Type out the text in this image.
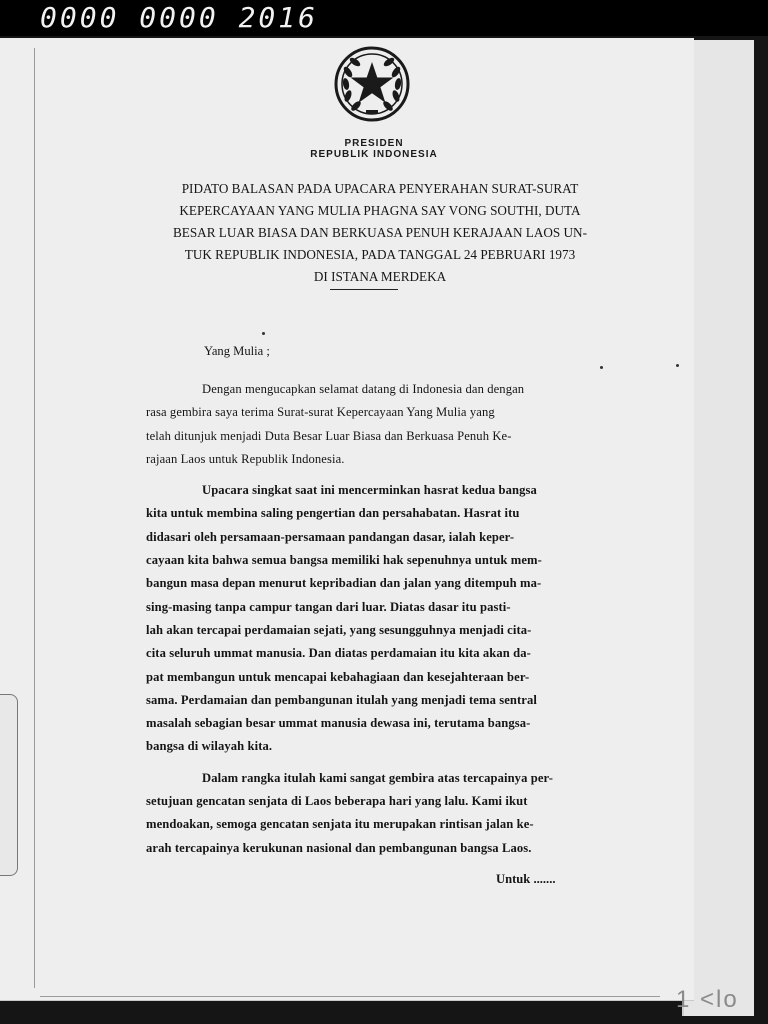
0000 0000 2016
PRESIDEN
REPUBLIK INDONESIA
PIDATO BALASAN PADA UPACARA PENYERAHAN SURAT-SURAT
KEPERCAYAAN YANG MULIA PHAGNA SAY VONG SOUTHI, DUTA
BESAR LUAR BIASA DAN BERKUASA PENUH KERAJAAN LAOS UN-
TUK REPUBLIK INDONESIA, PADA TANGGAL 24 PEBRUARI 1973
DI ISTANA MERDEKA
Yang Mulia ;
Dengan mengucapkan selamat datang di Indonesia dan dengan
rasa gembira saya terima Surat-surat Kepercayaan Yang Mulia yang
telah ditunjuk menjadi Duta Besar Luar Biasa dan Berkuasa Penuh Ke-
rajaan Laos untuk Republik Indonesia.
Upacara singkat saat ini mencerminkan hasrat kedua bangsa
kita untuk membina saling pengertian dan persahabatan. Hasrat itu
didasari oleh persamaan-persamaan pandangan dasar, ialah keper-
cayaan kita bahwa semua bangsa memiliki hak sepenuhnya untuk mem-
bangun masa depan menurut kepribadian dan jalan yang ditempuh ma-
sing-masing tanpa campur tangan dari luar. Diatas dasar itu pasti-
lah akan tercapai perdamaian sejati, yang sesungguhnya menjadi cita-
cita seluruh ummat manusia. Dan diatas perdamaian itu kita akan da-
pat membangun untuk mencapai kebahagiaan dan kesejahteraan ber-
sama. Perdamaian dan pembangunan itulah yang menjadi tema sentral
masalah sebagian besar ummat manusia dewasa ini, terutama bangsa-
bangsa di wilayah kita.
Dalam rangka itulah kami sangat gembira atas tercapainya per-
setujuan gencatan senjata di Laos beberapa hari yang lalu. Kami ikut
mendoakan, semoga gencatan senjata itu merupakan rintisan jalan ke-
arah tercapainya kerukunan nasional dan pembangunan bangsa Laos.
Untuk .......
1 <lo
